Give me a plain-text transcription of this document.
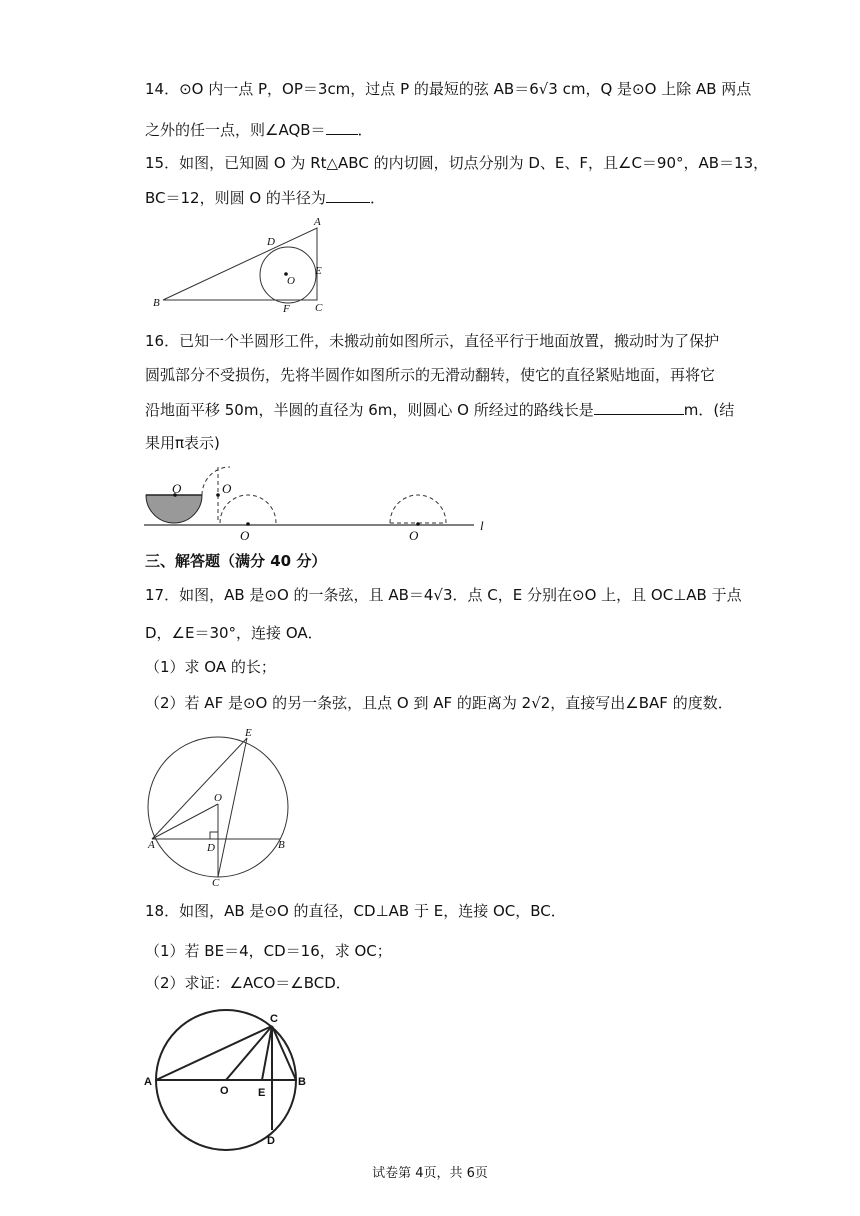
14．⊙O 内一点 P，OP＝3cm，过点 P 的最短的弦 AB＝6√3 cm，Q 是⊙O 上除 AB 两点
之外的任一点，则∠AQB＝ ．
15．如图，已知圆 O 为 Rt△ABC 的内切圆，切点分别为 D、E、F，且∠C＝90°，AB＝13，
BC＝12，则圆 O 的半径为	．
A
B	C
D
E
F
O
16．已知一个半圆形工件，未搬动前如图所示，直径平行于地面放置，搬动时为了保护
圆弧部分不受损伤，先将半圆作如图所示的无滑动翻转，使它的直径紧贴地面，再将它
沿地面平移 50m，半圆的直径为 6m，则圆心 O 所经过的路线长是	m．(结
果用π表示)
O	O
O	O
l
三、解答题（满分 40 分）
17．如图，AB 是⊙O 的一条弦，且 AB＝4√3．点 C，E 分别在⊙O 上，且 OC⊥AB 于点
D，∠E＝30°，连接 OA．
（1）求 OA 的长；
（2）若 AF 是⊙O 的另一条弦，且点 O 到 AF 的距离为 2√2，直接写出∠BAF 的度数．
E
O
A	B
D
C
18．如图，AB 是⊙O 的直径，CD⊥AB 于 E，连接 OC，BC．
（1）若 BE＝4，CD＝16，求 OC；
（2）求证：∠ACO＝∠BCD．
C
A	B
O	E
D
试卷第 4页，共 6页
